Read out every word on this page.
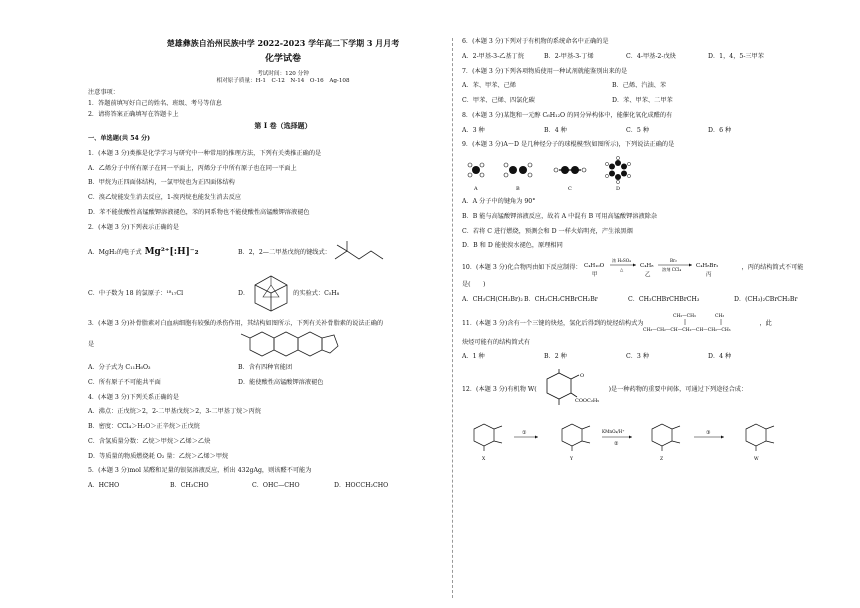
楚雄彝族自治州民族中学 2022-2023 学年高二下学期 3 月月考

化学试卷

考试时间：120 分钟

相对原子质量：H-1　C-12　N-14　O-16　Ag-108

注意事项：

1．答题前填写好自己的姓名、班级、考号等信息

2．请将答案正确填写在答题卡上

第 I 卷（选择题）

一、单选题(共 54 分)

1．(本题 3 分)类推是化学学习与研究中一种常用的推理方法，下列有关类推正确的是

A．乙烯分子中所有原子在同一平面上，丙烯分子中所有原子也在同一平面上

B．甲烷为正四面体结构，一氯甲烷也为正四面体结构

C．溴乙烷能发生消去反应，1-溴丙烷也能发生消去反应

D．苯不能使酸性高锰酸钾溶液褪色，苯的同系物也不能使酸性高锰酸钾溶液褪色

2．(本题 3 分)下列表示正确的是

A．MgH₂的电子式 Mg²⁺[:H]⁻₂	B．2，2—二甲基戊烷的键线式：
C．中子数为 18 的氯原子：¹⁸₁₇Cl	D．	的实验式：C₅H₈

3．(本题 3 分)补骨脂素对白血病细胞有较强的杀伤作用，其结构如图所示，下列有关补骨脂素的说法正确的

是
A．分子式为 C₁₁H₆O₃	B．含有四种官能团
C．所有原子不可能共平面	D．能使酸性高锰酸钾溶液褪色

4．(本题 3 分)下列关系正确的是

A．沸点：正戊烷＞2，2-二甲基戊烷＞2，3-二甲基丁烷＞丙烷

B．密度：CCl₄＞H₂O＞正辛烷＞正戊烷

C．含氢质量分数：乙烷＞甲烷＞乙烯＞乙炔

D．等质量的物质燃烧耗 O₂ 量：乙烷＞乙烯＞甲烷

5．(本题 3 分)mol 某醛和足量的银氨溶液反应，析出 432gAg，则该醛不可能为

A．HCHO	B．CH₃CHO	C．OHC—CHO	D．HOCCH₂CHO

6．(本题 3 分)下列对于有机物的系统命名中正确的是

A．2-甲基-3-乙基丁烷	B．2-甲基-3-丁烯	C．4-甲基-2-戊炔	D．1，4，5-三甲苯

7．(本题 3 分)下列各项物质使用一种试剂就能鉴别出来的是

A．苯、甲苯、己烯	B．己烯、汽油、苯
C．甲苯、己烯、四氯化碳	D．苯、甲苯、二甲苯

8．(本题 3 分)某饱和一元醇 C₆H₁₂O 的同分异构体中，能催化氧化成醛的有

A．3 种	B．4 种	C．5 种	D．6 种

9．(本题 3 分)A～D 是几种烃分子的球棍模型(如图所示)，下列说法正确的是

A	B	C	D

A．A 分子中的键角为 90°

B．B 能与高锰酸钾溶液反应，故若 A 中混有 B 可用高锰酸钾溶液除杂

C．若将 C 进行燃烧，预测会和 D 一样火焰明亮，产生浓黑烟

D．B 和 D 能使溴水褪色，原理相同

10．(本题 3 分)化合物丙由如下反应制得： C₄H₁₀O
甲
浓 H₂SO₄
△
C₄H₈
乙
Br₂
溶剂 CCl₄
C₄H₈Br₂
丙
，丙的结构简式不可能

是(　　)

A．CH₃CH(CH₂Br)₂ B．CH₃CH₂CHBrCH₂Br	C．CH₃CHBrCHBrCH₃	D．(CH₃)₂CBrCH₂Br
11．(本题 3 分)含有一个三键的炔烃，氢化后得到的烷烃结构式为
CH₃—CH₂—CH—CH₂—CH—CH₂—CH₃
CH₂—CH₃	CH₃
，此

炔烃可能有的结构简式有

A．1 种	B．2 种	C．3 种	D．4 种
12．(本题 3 分)有机物 W(
O
COOC₂H₅
)是一种药物的重要中间体，可通过下列途径合成：
①	KMnO₄/H⁺
②
③
X	Y	Z	W
